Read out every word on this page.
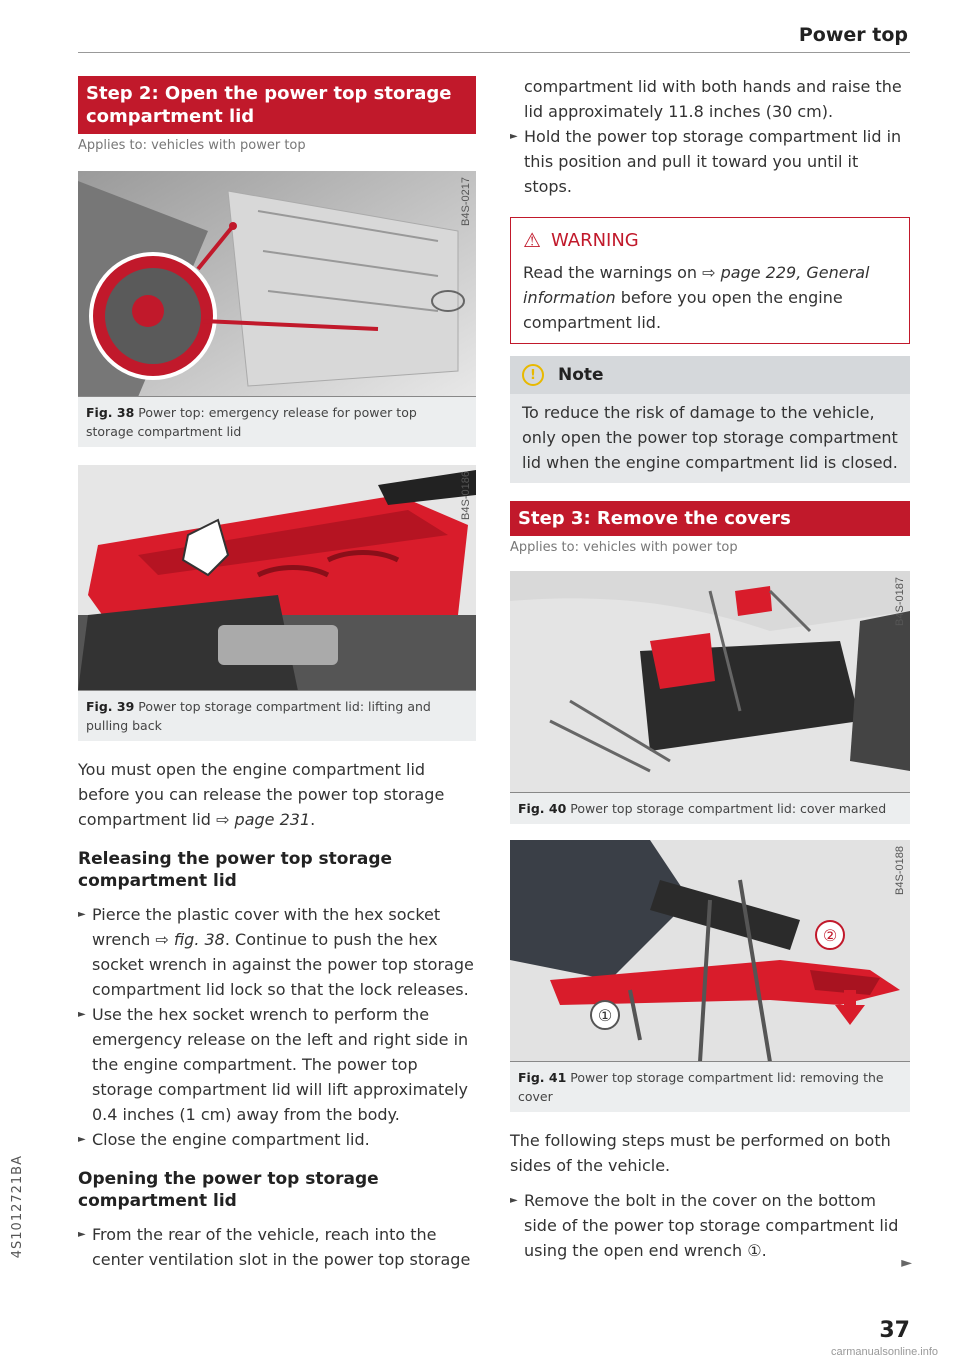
Power top
Step 2: Open the power top storage compartment lid
Applies to: vehicles with power top
B4S-0217
Fig. 38 Power top: emergency release for power top storage compartment lid
B4S-0186
Fig. 39 Power top storage compartment lid: lifting and pulling back

You must open the engine compartment lid before you can release the power top storage compartment lid ⇨ page 231.

Releasing the power top storage compartment lid
► Pierce the plastic cover with the hex socket wrench ⇨ fig. 38. Continue to push the hex socket wrench in against the power top storage compartment lid lock so that the lock releases.
► Use the hex socket wrench to perform the emergency release on the left and right side in the engine compartment. The power top storage compartment lid will lift approximately 0.4 inches (1 cm) away from the body.
► Close the engine compartment lid.
Opening the power top storage compartment lid
► From the rear of the vehicle, reach into the center ventilation slot in the power top storage

compartment lid with both hands and raise the lid approximately 11.8 inches (30 cm).

► Hold the power top storage compartment lid in this position and pull it toward you until it stops.
⚠ WARNING
Read the warnings on ⇨ page 229, General information before you open the engine compartment lid.
!	Note
To reduce the risk of damage to the vehicle, only open the power top storage compartment lid when the engine compartment lid is closed.
Step 3: Remove the covers
Applies to: vehicles with power top
B4S-0187
Fig. 40 Power top storage compartment lid: cover marked
②
①
B4S-0188
Fig. 41 Power top storage compartment lid: removing the cover

The following steps must be performed on both sides of the vehicle.

► Remove the bolt in the cover on the bottom side of the power top storage compartment lid using the open end wrench ①.
►
4S1012721BA
37
carmanualsonline.info
